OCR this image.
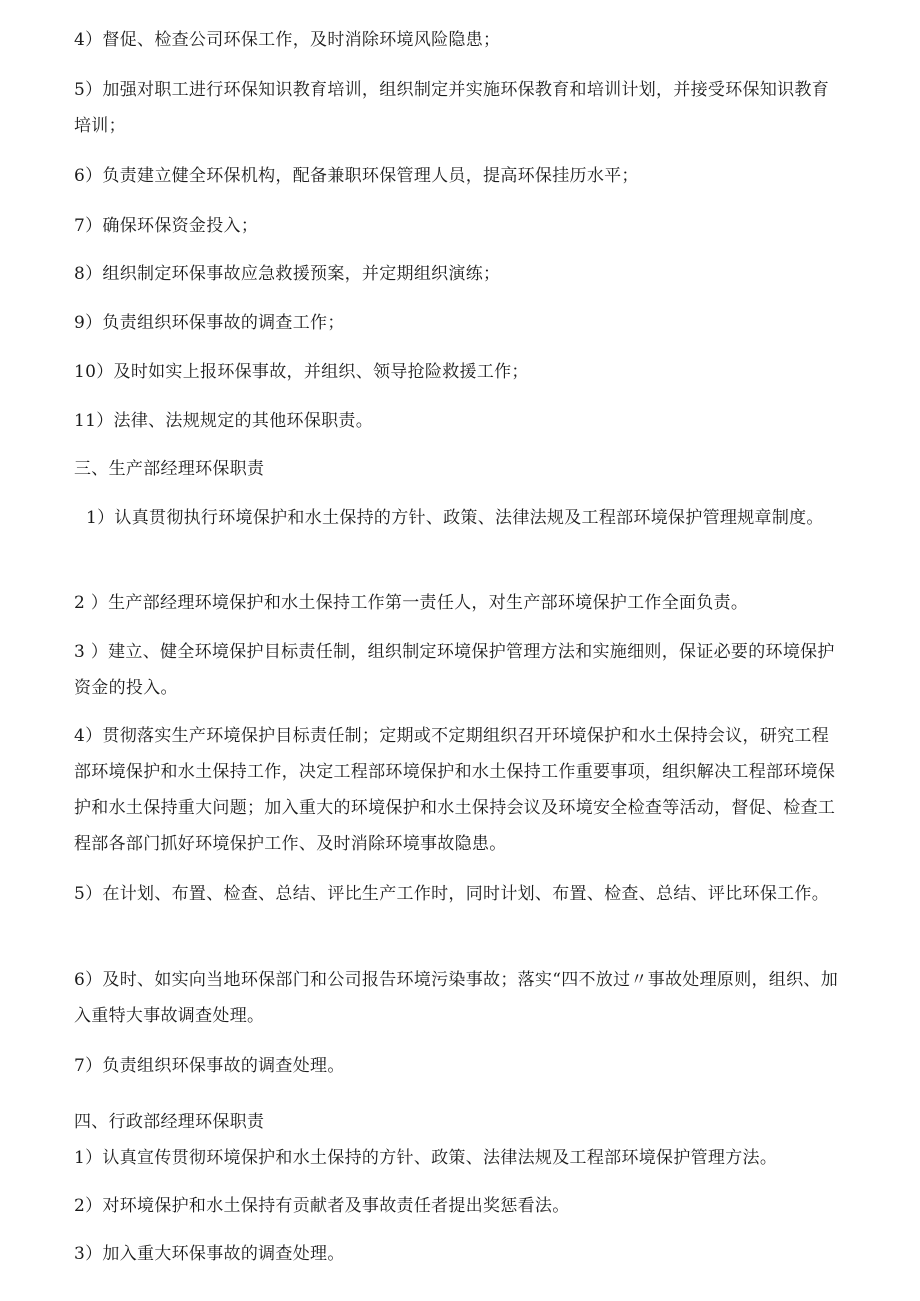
4）督促、检查公司环保工作，及时消除环境风险隐患；
5）加强对职工进行环保知识教育培训，组织制定并实施环保教育和培训计划，并接受环保知识教育培训；
6）负责建立健全环保机构，配备兼职环保管理人员，提高环保挂历水平；
7）确保环保资金投入；
8）组织制定环保事故应急救援预案，并定期组织演练；
9）负责组织环保事故的调查工作；
10）及时如实上报环保事故，并组织、领导抢险救援工作；
11）法律、法规规定的其他环保职责。
三、生产部经理环保职责
1）认真贯彻执行环境保护和水土保持的方针、政策、法律法规及工程部环境保护管理规章制度。
2 ）生产部经理环境保护和水土保持工作第一责任人，对生产部环境保护工作全面负责。
3 ）建立、健全环境保护目标责任制，组织制定环境保护管理方法和实施细则，保证必要的环境保护资金的投入。
4）贯彻落实生产环境保护目标责任制；定期或不定期组织召开环境保护和水土保持会议，研究工程部环境保护和水土保持工作，决定工程部环境保护和水土保持工作重要事项，组织解决工程部环境保护和水土保持重大问题；加入重大的环境保护和水土保持会议及环境安全检查等活动，督促、检查工程部各部门抓好环境保护工作、及时消除环境事故隐患。
5）在计划、布置、检查、总结、评比生产工作时，同时计划、布置、检查、总结、评比环保工作。
6）及时、如实向当地环保部门和公司报告环境污染事故；落实“四不放过〃事故处理原则，组织、加入重特大事故调查处理。
7）负责组织环保事故的调查处理。
四、行政部经理环保职责
1）认真宣传贯彻环境保护和水土保持的方针、政策、法律法规及工程部环境保护管理方法。
2）对环境保护和水土保持有贡献者及事故责任者提出奖惩看法。
3）加入重大环保事故的调查处理。
